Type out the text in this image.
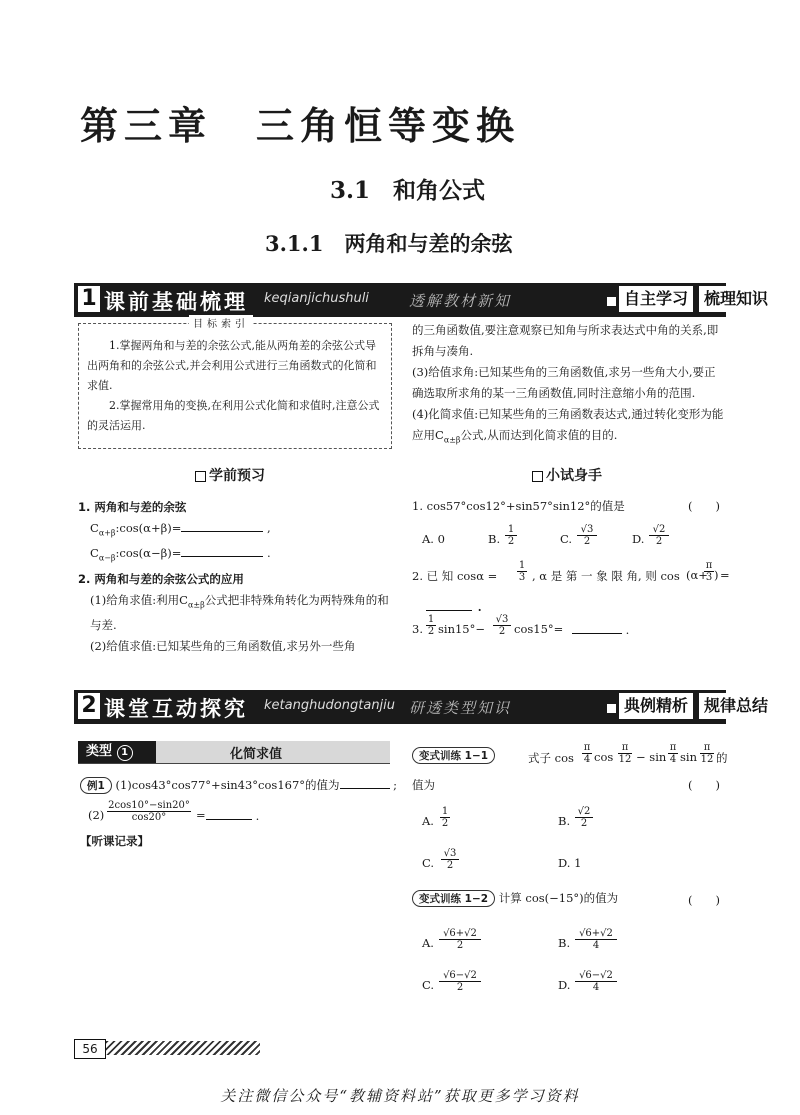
第三章　三角恒等变换
3.1　和角公式
3.1.1　两角和与差的余弦
1 课前基础梳理 keqianjichushuli	透解教材新知	自主学习 梳理知识
目标索引

1.掌握两角和与差的余弦公式,能从两角差的余弦公式导出两角和的余弦公式,并会利用公式进行三角函数式的化简和求值.

2.掌握常用角的变换,在利用公式化简和求值时,注意公式的灵活运用.

学前预习
1. 两角和与差的余弦
$C_{\alpha+\beta}:\cos(\alpha+\beta)=$	,
$C_{\alpha-\beta}:\cos(\alpha-\beta)=$	.
2. 两角和与差的余弦公式的应用
(1)给角求值:利用$C_{\alpha\pm\beta}$公式把非特殊角转化为两特殊角的和与差.
(2)给值求值:已知某些角的三角函数值,求另外一些角
的三角函数值,要注意观察已知角与所求表达式中角的关系,即拆角与凑角.
(3)给值求角:已知某些角的三角函数值,求另一些角大小,要正确选取所求角的某一三角函数值,同时注意缩小角的范围.
(4)化简求值:已知某些角的三角函数表达式,通过转化变形为能应用$C_{\alpha\pm\beta}$公式,从而达到化简求值的目的.
小试身手
1. cos57°cos12°+sin57°sin12°的值是	(　　)
A. 0	B.
1
2	C.
√3
2	D.
√2
2
2. 已 知 cosα =
1
3 , α 是 第 一 象 限 角, 则 cos (α+
π
3 ) =
.
3.
1
2 sin15°−
√3
2 cos15°=	.
2 课堂互动探究 ketanghudongtanjiu 研透类型知识	典例精析 规律总结
类型 1	化简求值
例1 (1)cos43°cos77°+sin43°cos167°的值为	;
(2)
2cos10°−sin20°
cos20°	=	.
【听课记录】
变式训练 1−1	式子 cos
π
4 cos
π
12 − sin
π
4 sin
π
12 的
值为	(　　)
A.
1
2	B.
√2
2
C.
√3
2	D. 1
变式训练 1−2 计算 cos(−15°)的值为	(　　)
A.
√6+√2
2	B.
√6+√2
4
C.
√6−√2
2	D.
√6−√2
4
56
关注微信公众号“教辅资料站”获取更多学习资料
